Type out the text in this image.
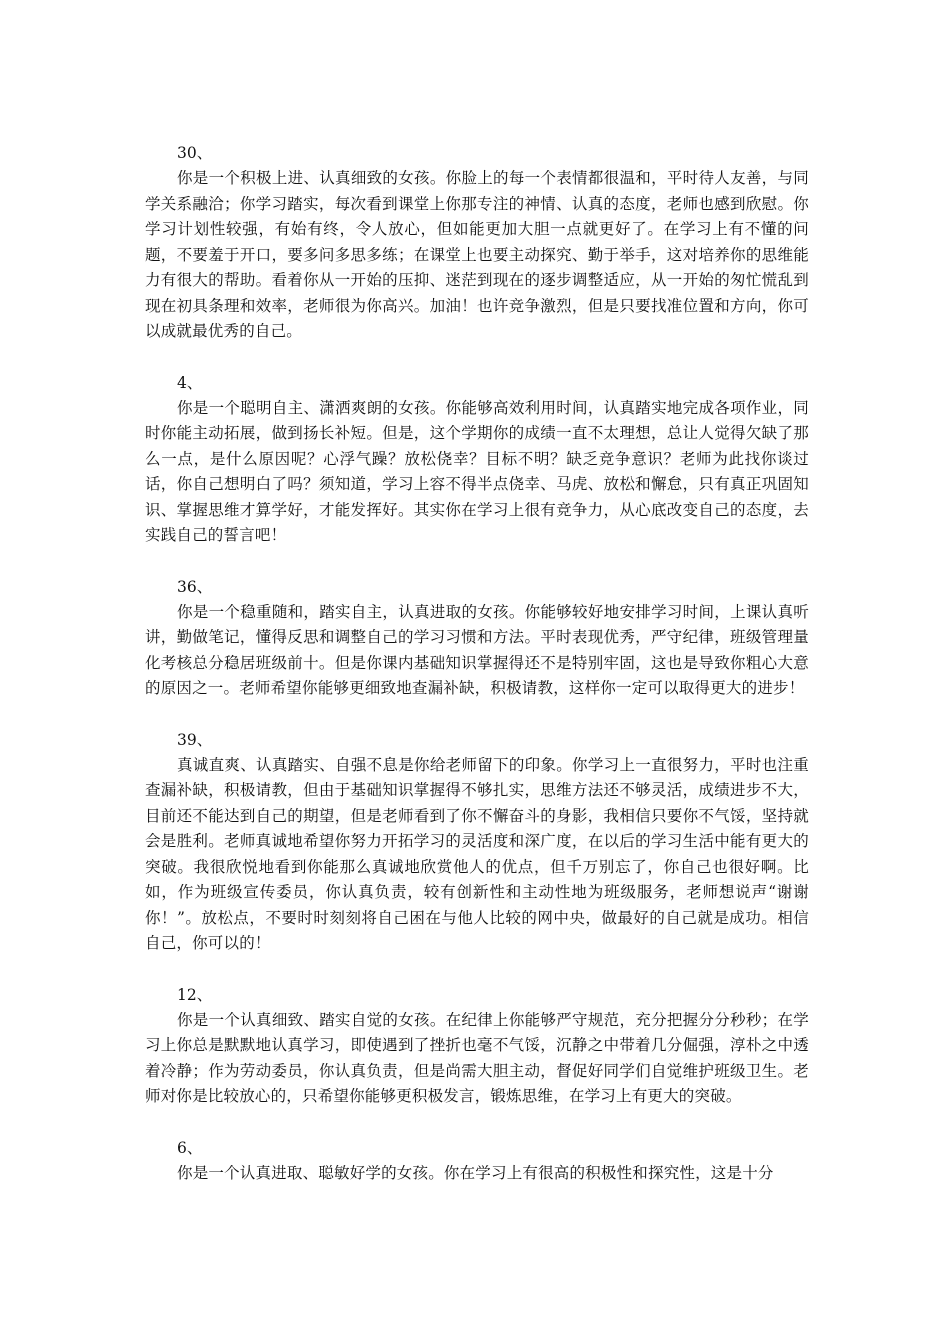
30、

你是一个积极上进、认真细致的女孩。你脸上的每一个表情都很温和，平时待人友善，与同学关系融洽；你学习踏实，每次看到课堂上你那专注的神情、认真的态度，老师也感到欣慰。你学习计划性较强，有始有终，令人放心，但如能更加大胆一点就更好了。在学习上有不懂的问题，不要羞于开口，要多问多思多练；在课堂上也要主动探究、勤于举手，这对培养你的思维能力有很大的帮助。看着你从一开始的压抑、迷茫到现在的逐步调整适应，从一开始的匆忙慌乱到现在初具条理和效率，老师很为你高兴。加油！也许竞争激烈，但是只要找准位置和方向，你可以成就最优秀的自己。

4、

你是一个聪明自主、潇洒爽朗的女孩。你能够高效利用时间，认真踏实地完成各项作业，同时你能主动拓展，做到扬长补短。但是，这个学期你的成绩一直不太理想，总让人觉得欠缺了那么一点，是什么原因呢？心浮气躁？放松侥幸？目标不明？缺乏竞争意识？老师为此找你谈过话，你自己想明白了吗？须知道，学习上容不得半点侥幸、马虎、放松和懈怠，只有真正巩固知识、掌握思维才算学好，才能发挥好。其实你在学习上很有竞争力，从心底改变自己的态度，去实践自己的誓言吧！

36、

你是一个稳重随和，踏实自主，认真进取的女孩。你能够较好地安排学习时间，上课认真听讲，勤做笔记，懂得反思和调整自己的学习习惯和方法。平时表现优秀，严守纪律，班级管理量化考核总分稳居班级前十。但是你课内基础知识掌握得还不是特别牢固，这也是导致你粗心大意的原因之一。老师希望你能够更细致地查漏补缺，积极请教，这样你一定可以取得更大的进步！

39、

真诚直爽、认真踏实、自强不息是你给老师留下的印象。你学习上一直很努力，平时也注重查漏补缺，积极请教，但由于基础知识掌握得不够扎实，思维方法还不够灵活，成绩进步不大，目前还不能达到自己的期望，但是老师看到了你不懈奋斗的身影，我相信只要你不气馁，坚持就会是胜利。老师真诚地希望你努力开拓学习的灵活度和深广度，在以后的学习生活中能有更大的突破。我很欣悦地看到你能那么真诚地欣赏他人的优点，但千万别忘了，你自己也很好啊。比如，作为班级宣传委员，你认真负责，较有创新性和主动性地为班级服务，老师想说声“谢谢你！”。放松点，不要时时刻刻将自己困在与他人比较的网中央，做最好的自己就是成功。相信自己，你可以的！

12、

你是一个认真细致、踏实自觉的女孩。在纪律上你能够严守规范，充分把握分分秒秒；在学习上你总是默默地认真学习，即使遇到了挫折也毫不气馁，沉静之中带着几分倔强，淳朴之中透着冷静；作为劳动委员，你认真负责，但是尚需大胆主动，督促好同学们自觉维护班级卫生。老师对你是比较放心的，只希望你能够更积极发言，锻炼思维，在学习上有更大的突破。

6、

你是一个认真进取、聪敏好学的女孩。你在学习上有很高的积极性和探究性，这是十分
